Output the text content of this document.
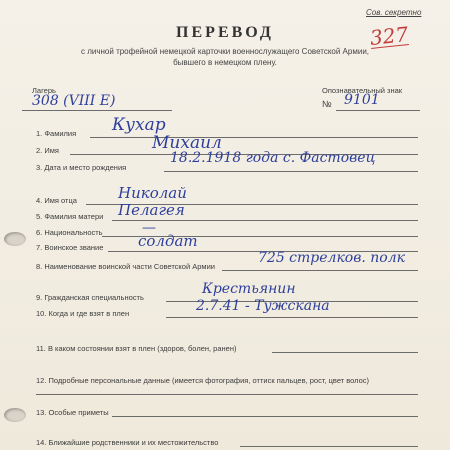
Сов. секретно
327
ПЕРЕВОД
с личной трофейной немецкой карточки военнослужащего Советской Армии,
бывшего в немецком плену.
Лагерь
308 (VIII E)
Опознавательный знак
№ 9101
1. Фамилия Кухар
2. Имя	Михаил
3. Дата и место рождения
18.2.1918 года с. Фастовец
4. Имя отца	Николай
5. Фамилия матери Пелагея
6. Национальность	—
7. Воинское звание солдат
8. Наименование воинской части Советской Армии
725 стрелков. полк
9. Гражданская специальность
Крестьянин
10. Когда и где взят в плен	2.7.41 - Тужскана
11. В каком состоянии взят в плен (здоров, болен, ранен)
12. Подробные персональные данные (имеется фотография, оттиск пальцев, рост, цвет волос)
13. Особые приметы
14. Ближайшие родственники и их местожительство
